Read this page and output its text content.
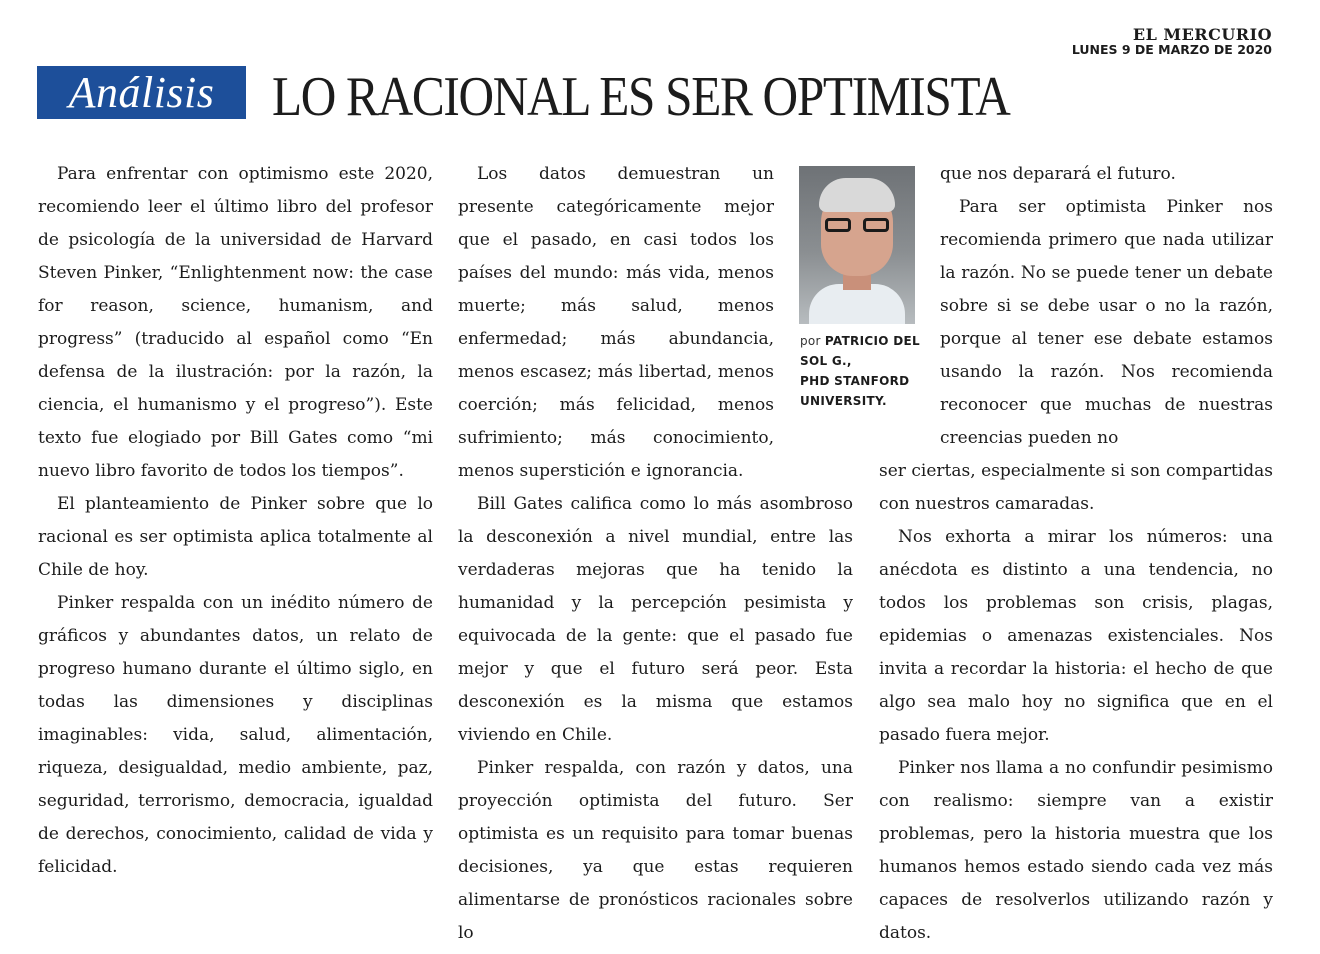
EL MERCURIO
LUNES 9 DE MARZO DE 2020
Análisis	LO RACIONAL ES SER OPTIMISTA

Para enfrentar con optimismo este 2020, recomiendo leer el último libro del profesor de psicología de la universidad de Harvard Steven Pinker, “Enlightenment now: the case for reason, science, humanism, and progress” (traducido al español como “En defensa de la ilustración: por la razón, la ciencia, el humanismo y el progreso”). Este texto fue elogiado por Bill Gates como “mi nuevo libro favorito de todos los tiempos”.

El planteamiento de Pinker sobre que lo racional es ser optimista aplica totalmente al Chile de hoy.

Pinker respalda con un inédito número de gráficos y abundantes datos, un relato de progreso humano durante el último siglo, en todas las dimensiones y disciplinas imaginables: vida, salud, alimentación, riqueza, desigualdad, medio ambiente, paz, seguridad, terrorismo, democracia, igualdad de derechos, conocimiento, calidad de vida y felicidad.

Los datos demuestran un presente categóricamente mejor que el pasado, en casi todos los países del mundo: más vida, menos muerte; más salud, menos enfermedad; más abundancia, menos escasez; más libertad, menos coerción; más felicidad, menos sufrimiento; más conocimiento, menos superstición e ignorancia.

Bill Gates califica como lo más asombroso la desconexión a nivel mundial, entre las verdaderas mejoras que ha tenido la humanidad y la percepción pesimista y equivocada de la gente: que el pasado fue mejor y que el futuro será peor. Esta desconexión es la misma que estamos viviendo en Chile.

Pinker respalda, con razón y datos, una proyección optimista del futuro. Ser optimista es un requisito para tomar buenas decisiones, ya que estas requieren alimentarse de pronósticos racionales sobre lo

por PATRICIO DEL SOL G.,
PHD STANFORD UNIVERSITY.

que nos deparará el futuro.

Para ser optimista Pinker nos recomienda primero que nada utilizar la razón. No se puede tener un debate sobre si se debe usar o no la razón, porque al tener ese debate estamos usando la razón. Nos recomienda reconocer que muchas de nuestras creencias pueden no

ser ciertas, especialmente si son compartidas con nuestros camaradas.

Nos exhorta a mirar los números: una anécdota es distinto a una tendencia, no todos los problemas son crisis, plagas, epidemias o amenazas existenciales. Nos invita a recordar la historia: el hecho de que algo sea malo hoy no significa que en el pasado fuera mejor.

Pinker nos llama a no confundir pesimismo con realismo: siempre van a existir problemas, pero la historia muestra que los humanos hemos estado siendo cada vez más capaces de resolverlos utilizando razón y datos.
